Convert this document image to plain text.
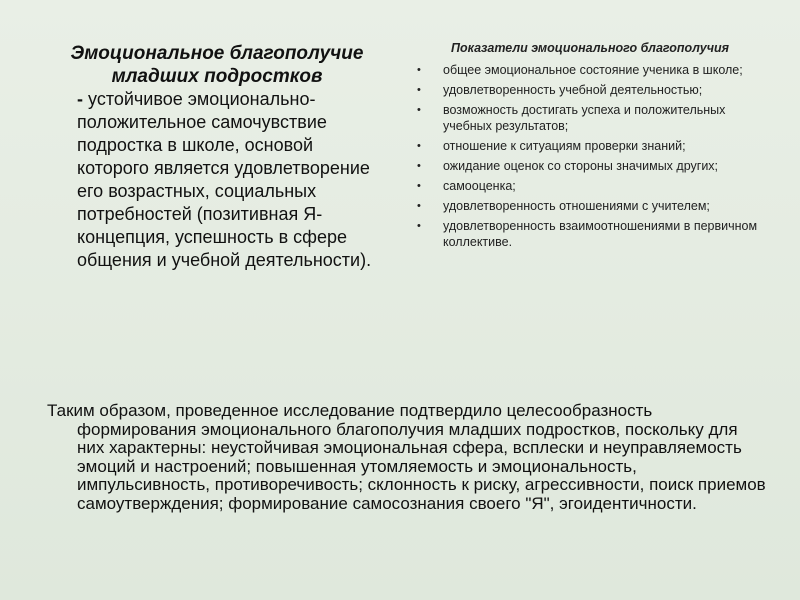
Эмоциональное благополучие младших подростков
- устойчивое эмоционально-положительное самочувствие подростка в школе, основой которого является удовлетворение его возрастных, социальных потребностей (позитивная Я-концепция, успешность в сфере общения и учебной деятельности).
Показатели эмоционального благополучия
• общее эмоциональное состояние ученика в школе;
• удовлетворенность учебной деятельностью;
• возможность достигать успеха и положительных учебных результатов;
• отношение к ситуациям проверки знаний;
• ожидание оценок со стороны значимых других;
• самооценка;
• удовлетворенность отношениями с учителем;
• удовлетворенность взаимоотношениями в первичном коллективе.
Таким образом, проведенное исследование подтвердило целесообразность формирования эмоционального благополучия младших подростков, поскольку для них характерны: неустойчивая эмоциональная сфера, всплески и неуправляемость эмоций и настроений; повышенная утомляемость и эмоциональность, импульсивность, противоречивость; склонность к риску, агрессивности, поиск приемов самоутверждения; формирование самосознания своего "Я", эгоидентичности.
